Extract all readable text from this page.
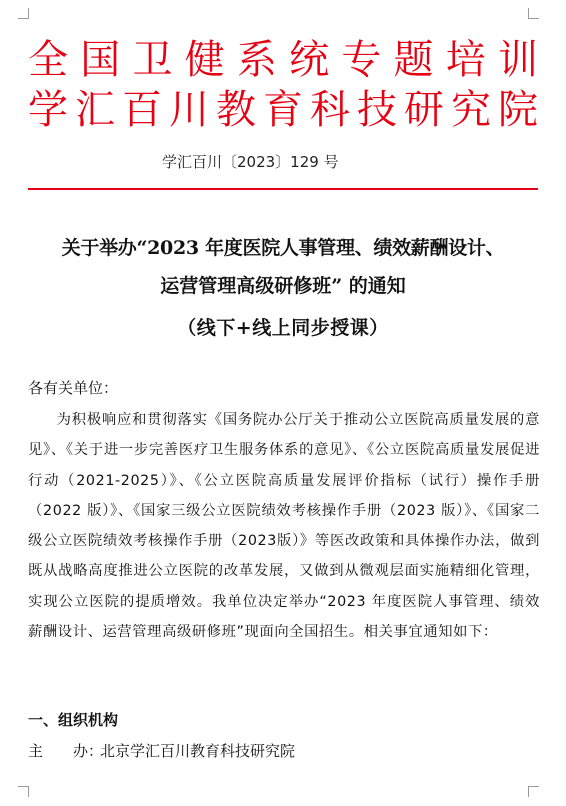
全国卫健系统专题培训
学汇百川教育科技研究院
学汇百川〔2023〕129 号
关于举办“2023 年度医院人事管理、绩效薪酬设计、
运营管理高级研修班” 的通知
（线下+线上同步授课）
各有关单位：
为积极响应和贯彻落实《国务院办公厅关于推动公立医院高质量发展的意见》、《关于进一步完善医疗卫生服务体系的意见》、《公立医院高质量发展促进行动（2021-2025）》、《公立医院高质量发展评价指标（试行）操作手册（2022 版）》、《国家三级公立医院绩效考核操作手册（2023 版）》、《国家二级公立医院绩效考核操作手册（2023版）》等医改政策和具体操作办法，做到既从战略高度推进公立医院的改革发展，又做到从微观层面实施精细化管理，实现公立医院的提质增效。我单位决定举办“2023 年度医院人事管理、绩效薪酬设计、运营管理高级研修班”现面向全国招生。相关事宜通知如下：
一、组织机构
主 办：北京学汇百川教育科技研究院
